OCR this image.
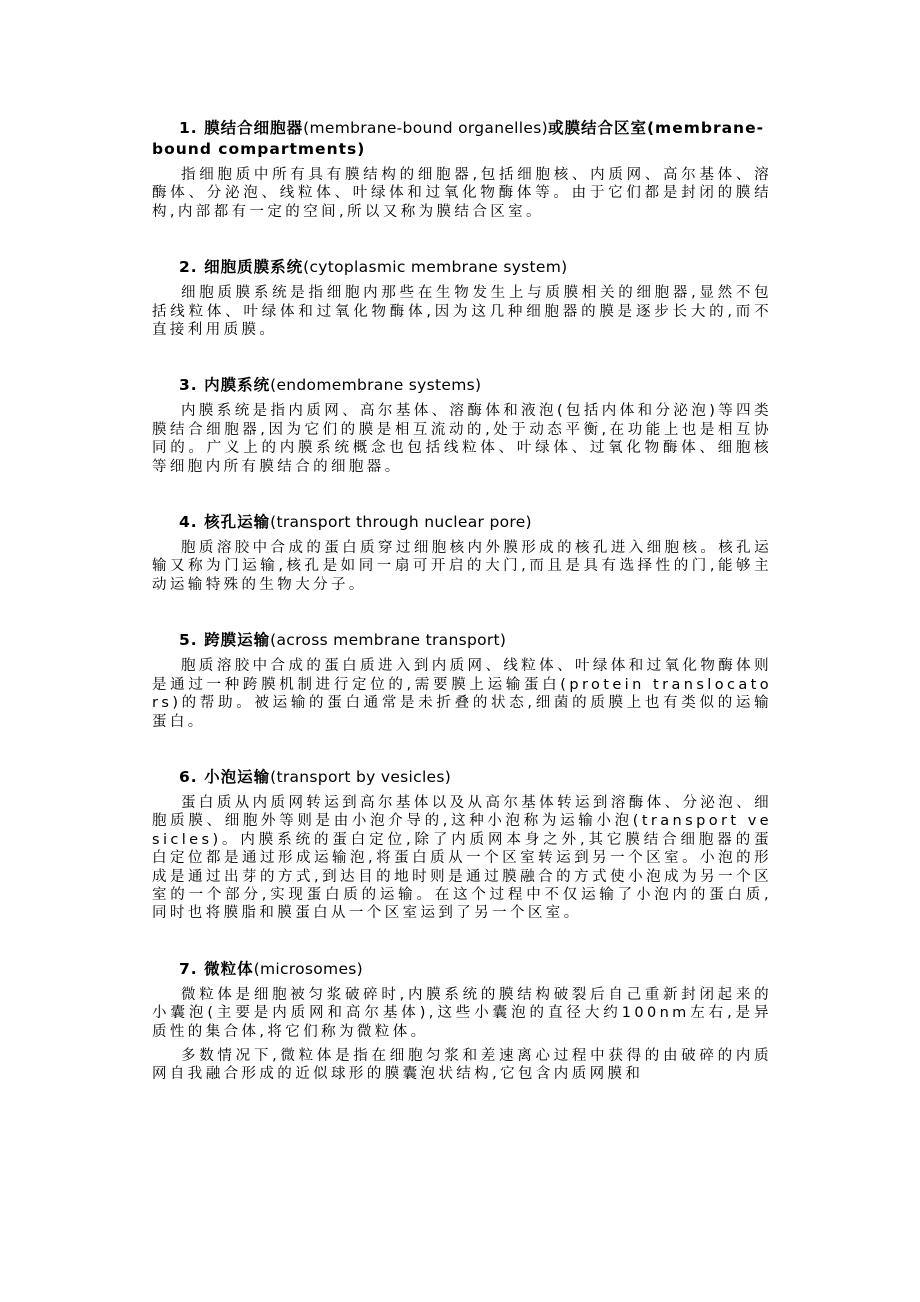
1. 膜结合细胞器(membrane-bound organelles)或膜结合区室(membrane-bound compartments)

指细胞质中所有具有膜结构的细胞器,包括细胞核、内质网、高尔基体、溶酶体、分泌泡、线粒体、叶绿体和过氧化物酶体等。由于它们都是封闭的膜结构,内部都有一定的空间,所以又称为膜结合区室。

2. 细胞质膜系统(cytoplasmic membrane system)

细胞质膜系统是指细胞内那些在生物发生上与质膜相关的细胞器,显然不包括线粒体、叶绿体和过氧化物酶体,因为这几种细胞器的膜是逐步长大的,而不直接利用质膜。

3. 内膜系统(endomembrane systems)

内膜系统是指内质网、高尔基体、溶酶体和液泡(包括内体和分泌泡)等四类膜结合细胞器,因为它们的膜是相互流动的,处于动态平衡,在功能上也是相互协同的。广义上的内膜系统概念也包括线粒体、叶绿体、过氧化物酶体、细胞核等细胞内所有膜结合的细胞器。

4. 核孔运输(transport through nuclear pore)

胞质溶胶中合成的蛋白质穿过细胞核内外膜形成的核孔进入细胞核。核孔运输又称为门运输,核孔是如同一扇可开启的大门,而且是具有选择性的门,能够主动运输特殊的生物大分子。

5. 跨膜运输(across membrane transport)

胞质溶胶中合成的蛋白质进入到内质网、线粒体、叶绿体和过氧化物酶体则是通过一种跨膜机制进行定位的,需要膜上运输蛋白(protein translocators)的帮助。被运输的蛋白通常是未折叠的状态,细菌的质膜上也有类似的运输蛋白。

6. 小泡运输(transport by vesicles)

蛋白质从内质网转运到高尔基体以及从高尔基体转运到溶酶体、分泌泡、细胞质膜、细胞外等则是由小泡介导的,这种小泡称为运输小泡(transport vesicles)。内膜系统的蛋白定位,除了内质网本身之外,其它膜结合细胞器的蛋白定位都是通过形成运输泡,将蛋白质从一个区室转运到另一个区室。小泡的形成是通过出芽的方式,到达目的地时则是通过膜融合的方式使小泡成为另一个区室的一个部分,实现蛋白质的运输。在这个过程中不仅运输了小泡内的蛋白质,同时也将膜脂和膜蛋白从一个区室运到了另一个区室。

7. 微粒体(microsomes)

微粒体是细胞被匀浆破碎时,内膜系统的膜结构破裂后自己重新封闭起来的小囊泡(主要是内质网和高尔基体),这些小囊泡的直径大约100nm左右,是异质性的集合体,将它们称为微粒体。

多数情况下,微粒体是指在细胞匀浆和差速离心过程中获得的由破碎的内质网自我融合形成的近似球形的膜囊泡状结构,它包含内质网膜和
